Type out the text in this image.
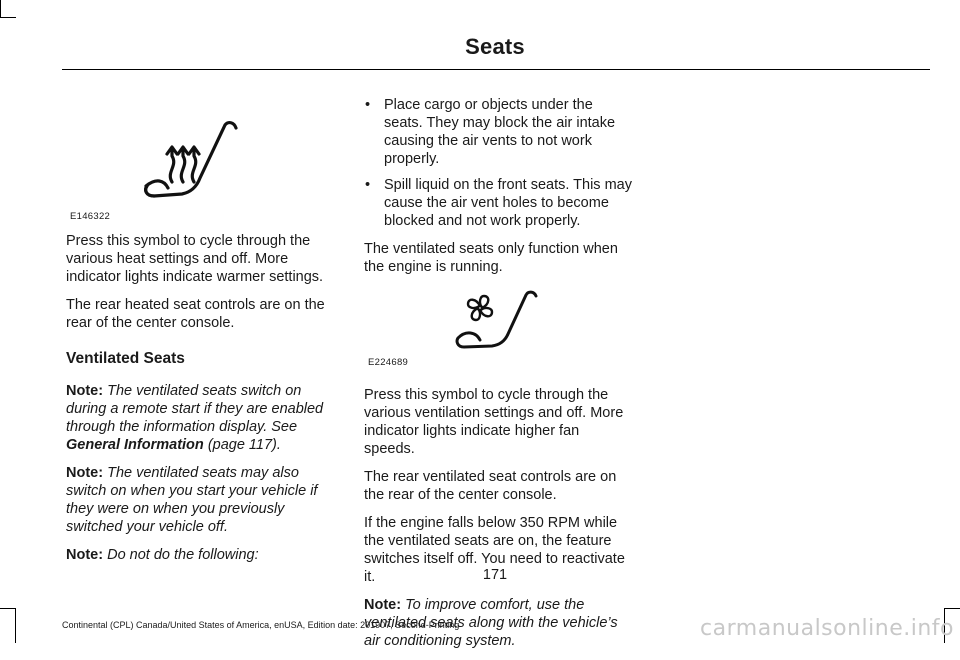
Seats
E146322

Press this symbol to cycle through the various heat settings and off. More indicator lights indicate warmer settings.

The rear heated seat controls are on the rear of the center console.

Ventilated Seats

Note: The ventilated seats switch on during a remote start if they are enabled through the information display. See General Information (page 117).

Note: The ventilated seats may also switch on when you start your vehicle if they were on when you previously switched your vehicle off.

Note: Do not do the following:

• Place cargo or objects under the seats. They may block the air intake causing the air vents to not work properly.
• Spill liquid on the front seats. This may cause the air vent holes to become blocked and not work properly.

The ventilated seats only function when the engine is running.

E224689

Press this symbol to cycle through the various ventilation settings and off. More indicator lights indicate higher fan speeds.

The rear ventilated seat controls are on the rear of the center console.

If the engine falls below 350 RPM while the ventilated seats are on, the feature switches itself off. You need to reactivate it.

Note: To improve comfort, use the ventilated seats along with the vehicle’s air conditioning system.

171
Continental (CPL) Canada/United States of America, enUSA, Edition date: 201907, Second-Printing	carmanualsonline.info
